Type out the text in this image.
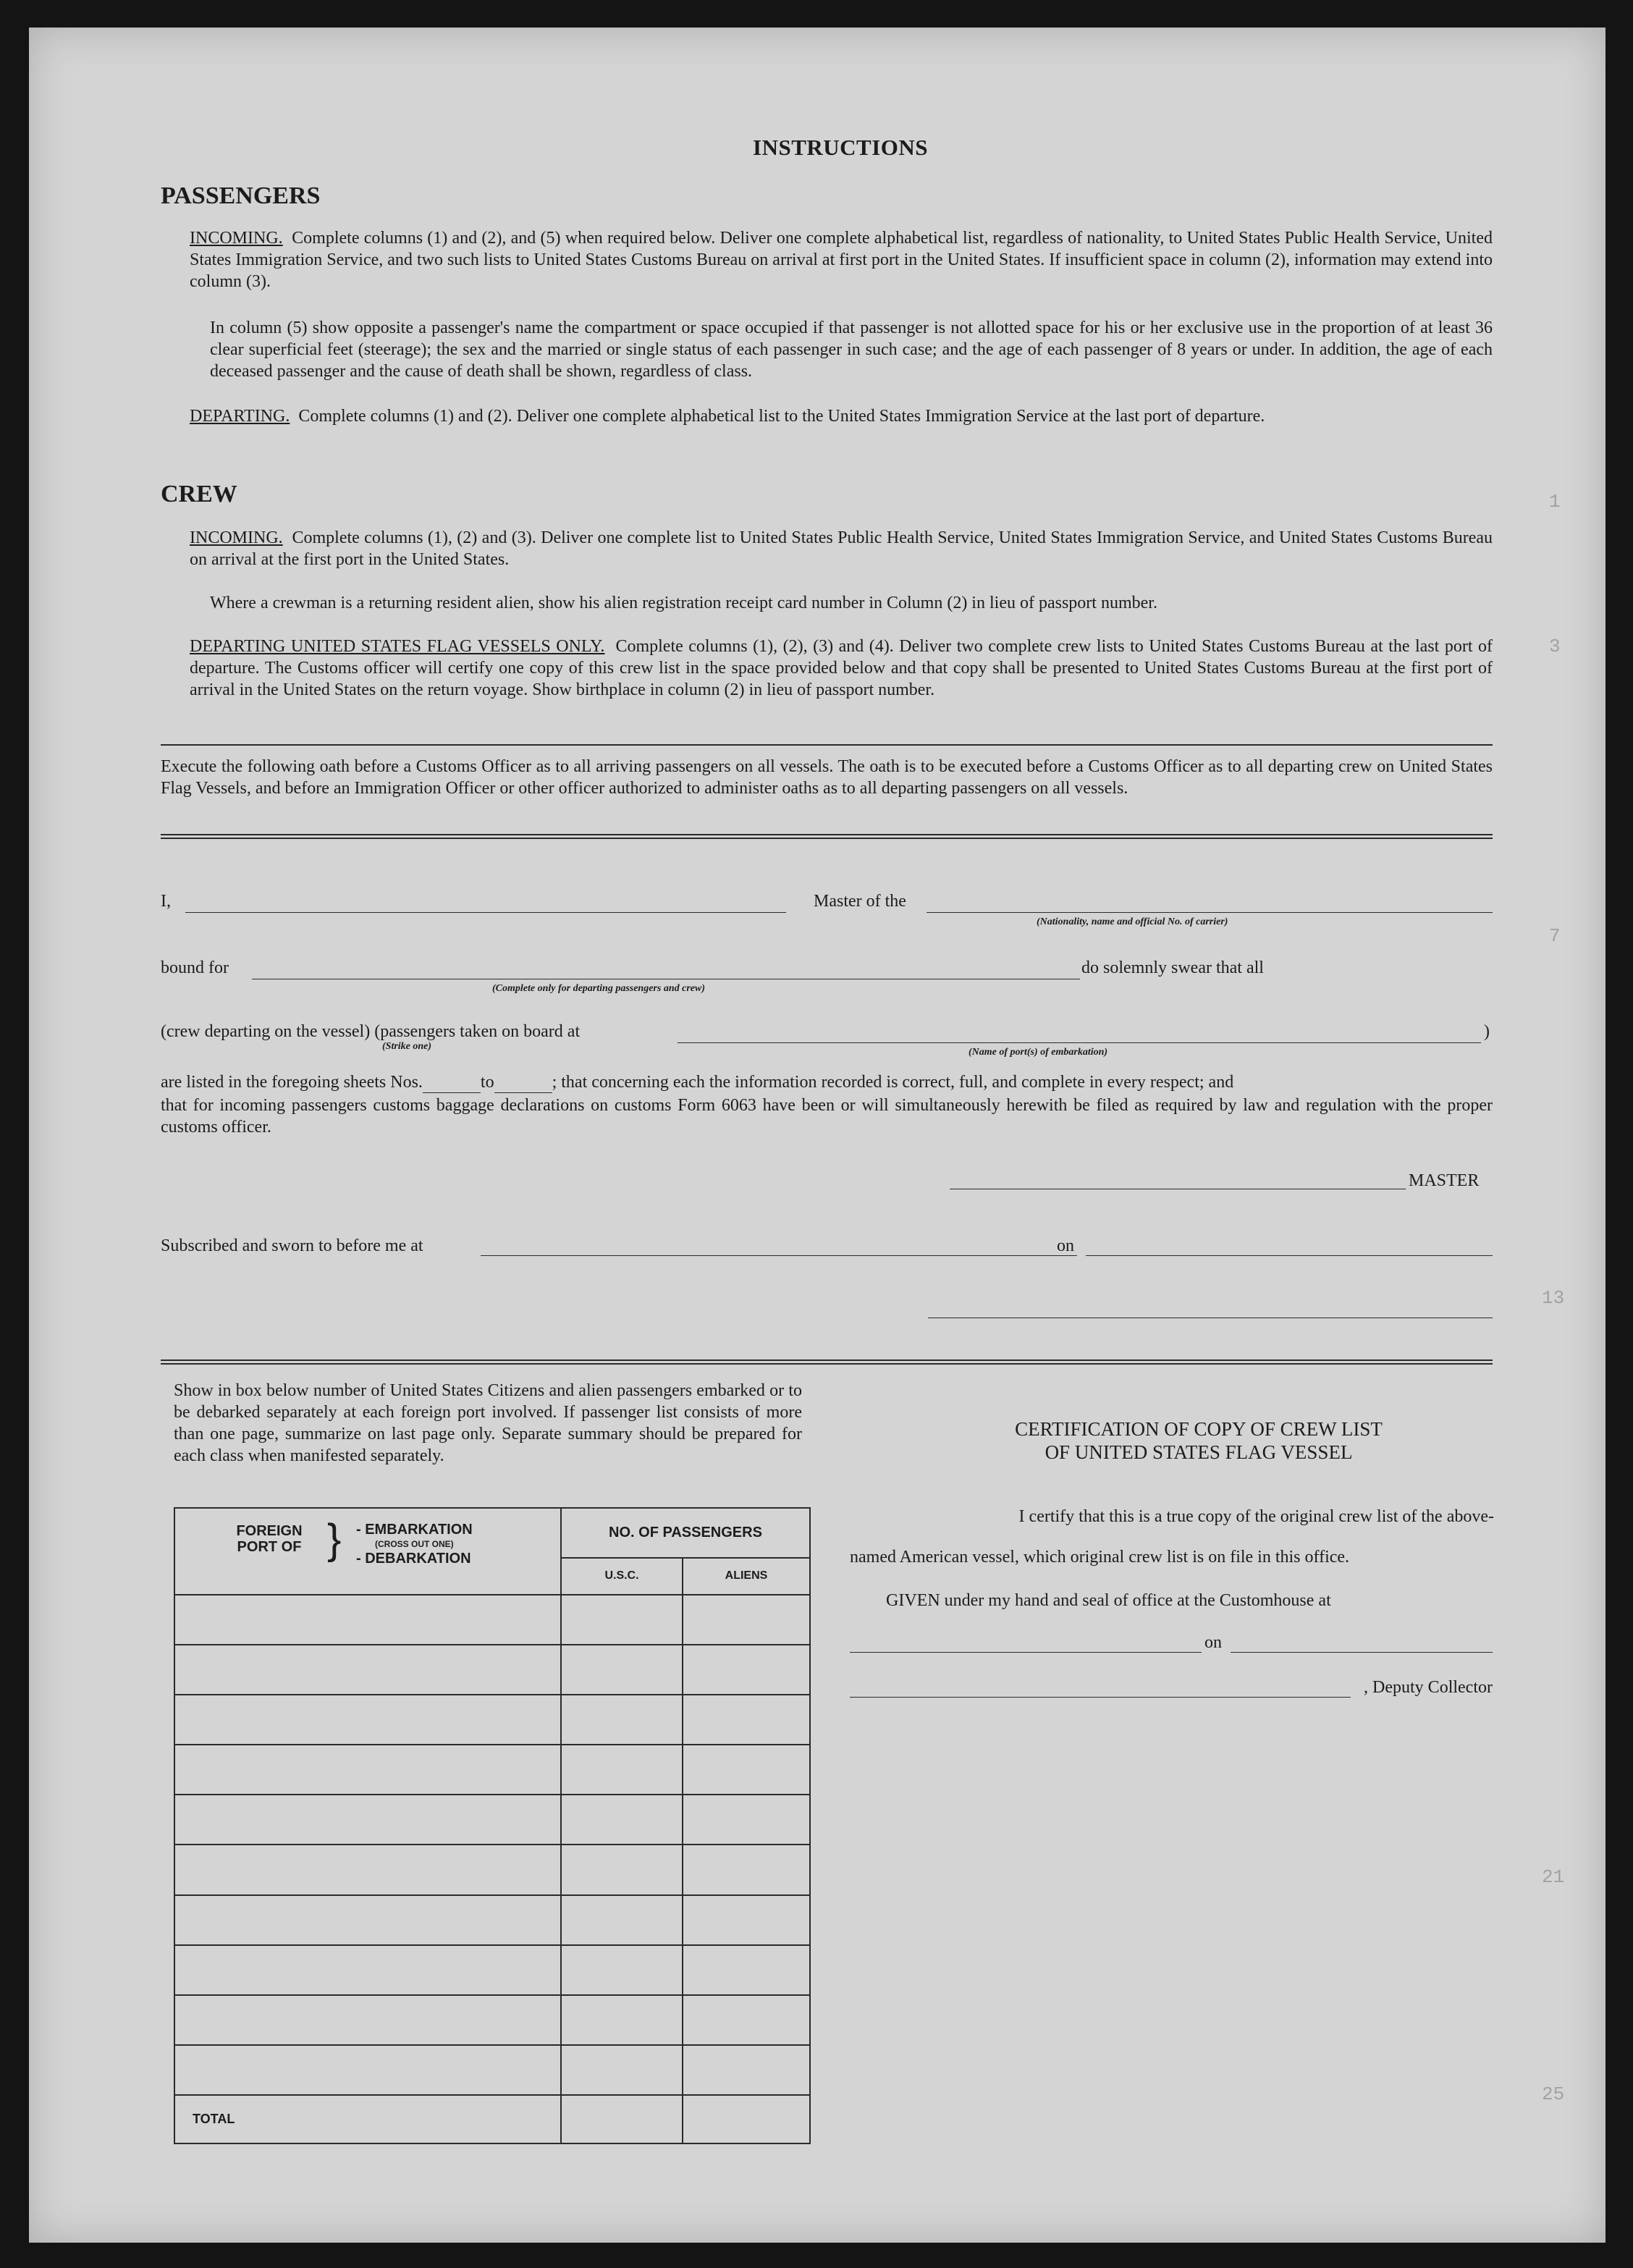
INSTRUCTIONS
PASSENGERS
INCOMING. Complete columns (1) and (2), and (5) when required below. Deliver one complete alphabetical list, regardless of nationality, to United States Public Health Service, United States Immigration Service, and two such lists to United States Customs Bureau on arrival at first port in the United States. If insufficient space in column (2), information may extend into column (3).
In column (5) show opposite a passenger's name the compartment or space occupied if that passenger is not allotted space for his or her exclusive use in the proportion of at least 36 clear superficial feet (steerage); the sex and the married or single status of each passenger in such case; and the age of each passenger of 8 years or under. In addition, the age of each deceased passenger and the cause of death shall be shown, regardless of class.
DEPARTING. Complete columns (1) and (2). Deliver one complete alphabetical list to the United States Immigration Service at the last port of departure.
CREW
INCOMING. Complete columns (1), (2) and (3). Deliver one complete list to United States Public Health Service, United States Immigration Service, and United States Customs Bureau on arrival at the first port in the United States.
Where a crewman is a returning resident alien, show his alien registration receipt card number in Column (2) in lieu of passport number.
DEPARTING UNITED STATES FLAG VESSELS ONLY. Complete columns (1), (2), (3) and (4). Deliver two complete crew lists to United States Customs Bureau at the last port of departure. The Customs officer will certify one copy of this crew list in the space provided below and that copy shall be presented to United States Customs Bureau at the first port of arrival in the United States on the return voyage. Show birthplace in column (2) in lieu of passport number.
Execute the following oath before a Customs Officer as to all arriving passengers on all vessels. The oath is to be executed before a Customs Officer as to all departing crew on United States Flag Vessels, and before an Immigration Officer or other officer authorized to administer oaths as to all departing passengers on all vessels.
I,	Master of the
(Nationality, name and official No. of carrier)
bound for
(Complete only for departing passengers and crew)
do solemnly swear that all
(crew departing on the vessel) (passengers taken on board at
(Strike one)
(Name of port(s) of embarkation)
)
are listed in the foregoing sheets Nos.	to	; that concerning each the information recorded is correct, full, and complete in every respect; and
that for incoming passengers customs baggage declarations on customs Form 6063 have been or will simultaneously herewith be filed as required by law and regulation with the proper customs officer.
MASTER
Subscribed and sworn to before me at	on
Show in box below number of United States Citizens and alien passengers embarked or to be debarked separately at each foreign port involved. If passenger list consists of more than one page, summarize on last page only. Separate summary should be prepared for each class when manifested separately.
FOREIGN PORT OF } - EMBARKATION
(CROSS OUT ONE)
- DEBARKATION	NO. OF PASSENGERS	
	U.S.C.	ALIENS

TOTAL		
CERTIFICATION OF COPY OF CREW LIST
OF UNITED STATES FLAG VESSEL
I certify that this is a true copy of the original crew list of the above-
named American vessel, which original crew list is on file in this office.
GIVEN under my hand and seal of office at the Customhouse at
on
, Deputy Collector
1
3
7
13
21
25
